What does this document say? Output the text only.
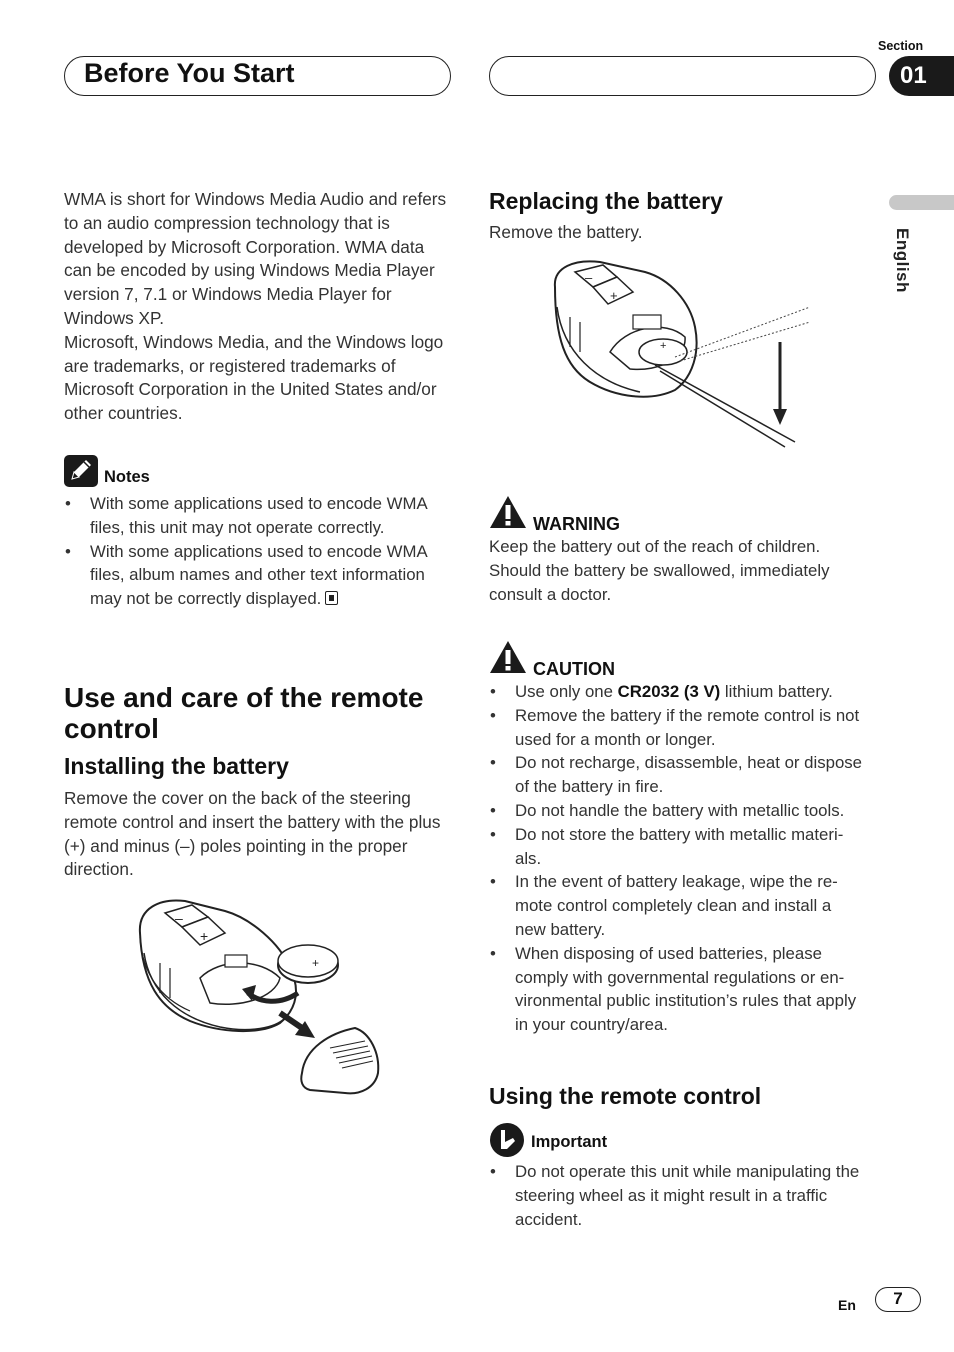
Before You Start
Section
01
English
WMA is short for Windows Media Audio and refers to an audio compression technology that is developed by Microsoft Corporation. WMA data can be encoded by using Windows Media Player version 7, 7.1 or Windows Media Player for Windows XP.
Microsoft, Windows Media, and the Windows logo are trademarks, or registered trademarks of Microsoft Corporation in the United States and/or other countries.
Notes
• With some applications used to encode WMA files, this unit may not operate correctly.
• With some applications used to encode WMA files, album names and other text information may not be correctly displayed.
Use and care of the remote control
Installing the battery
Remove the cover on the back of the steering remote control and insert the battery with the plus (+) and minus (–) poles pointing in the proper direction.
–
+
+
Replacing the battery
Remove the battery.
–
+
+
WARNING
Keep the battery out of the reach of children. Should the battery be swallowed, immediately consult a doctor.
CAUTION
• Use only one CR2032 (3 V) lithium battery.
• Remove the battery if the remote control is not used for a month or longer.
• Do not recharge, disassemble, heat or dispose of the battery in fire.
• Do not handle the battery with metallic tools.
• Do not store the battery with metallic materi-als.
• In the event of battery leakage, wipe the re-mote control completely clean and install a new battery.
• When disposing of used batteries, please comply with governmental regulations or en-vironmental public institution’s rules that apply in your country/area.
Using the remote control
Important
• Do not operate this unit while manipulating the steering wheel as it might result in a traffic accident.
En	7
